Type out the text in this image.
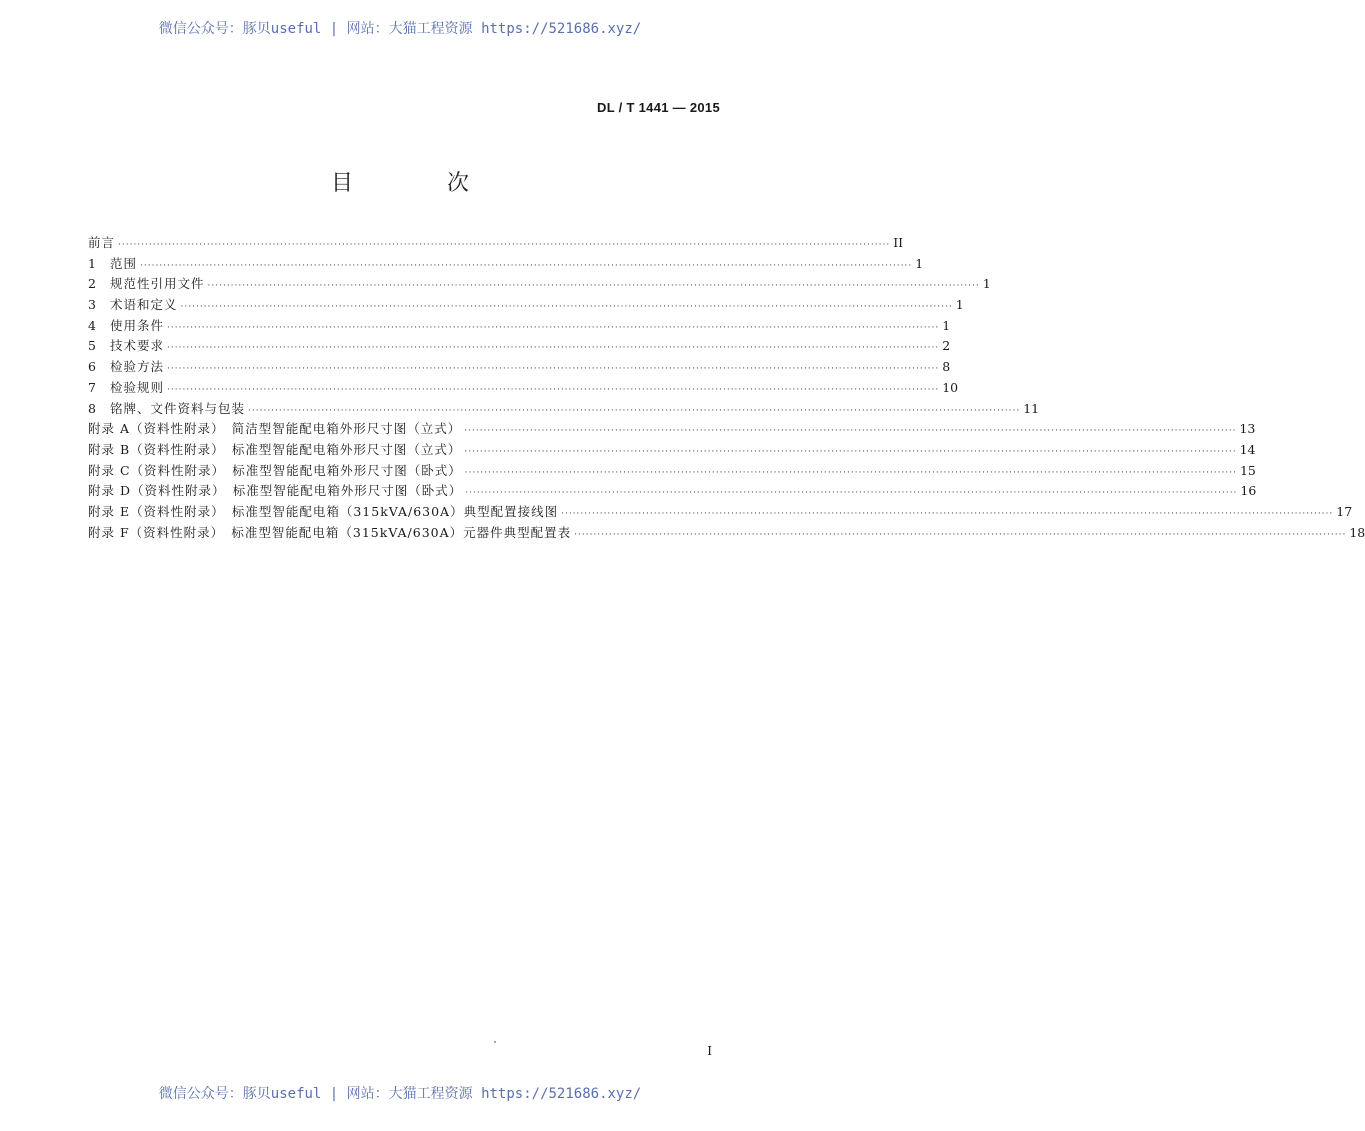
微信公众号：豚贝useful | 网站：大猫工程资源 https://521686.xyz/
DL / T 1441 — 2015
目　次
前言 ········································································································································································································ II
1	范围 ········································································································································································································ 1
2	规范性引用文件 ········································································································································································································ 1
3	术语和定义 ········································································································································································································ 1
4	使用条件 ········································································································································································································ 1
5	技术要求 ········································································································································································································ 2
6	检验方法 ········································································································································································································ 8
7	检验规则 ········································································································································································································ 10
8	铭牌、文件资料与包装 ········································································································································································································ 11
附录 A（资料性附录）　简洁型智能配电箱外形尺寸图（立式） ········································································································································································································ 13
附录 B（资料性附录）　标准型智能配电箱外形尺寸图（立式） ········································································································································································································ 14
附录 C（资料性附录）　标准型智能配电箱外形尺寸图（卧式） ········································································································································································································ 15
附录 D（资料性附录）　标准型智能配电箱外形尺寸图（卧式） ········································································································································································································ 16
附录 E（资料性附录）　标准型智能配电箱（315kVA/630A）典型配置接线图 ········································································································································································································ 17
附录 F（资料性附录）　标准型智能配电箱（315kVA/630A）元器件典型配置表 ········································································································································································································ 18
I
微信公众号：豚贝useful | 网站：大猫工程资源 https://521686.xyz/
